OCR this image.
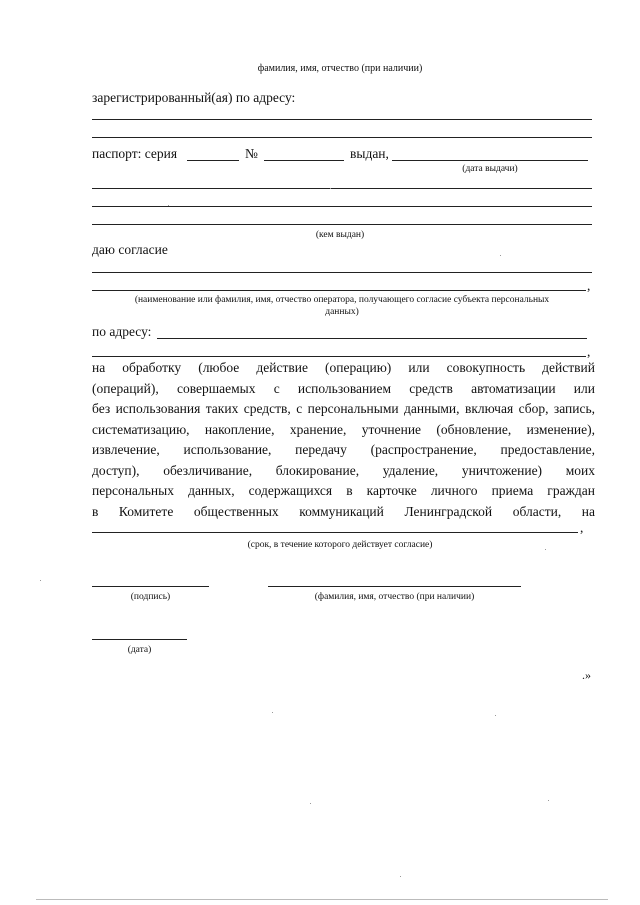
фамилия, имя, отчество (при наличии)
зарегистрированный(ая) по адресу:
паспорт: серия	№	выдан,
(дата выдачи)
(кем выдан)
даю согласие
,
(наименование или фамилия, имя, отчество оператора, получающего согласие субъекта персональных
данных)
по адресу:
,

на обработку (любое действие (операцию) или совокупность действий

(операций), совершаемых с использованием средств автоматизации или

без использования таких средств, с персональными данными, включая сбор, запись,

систематизацию, накопление, хранение, уточнение (обновление, изменение),

извлечение, использование, передачу (распространение, предоставление,

доступ), обезличивание, блокирование, удаление, уничтожение) моих

персональных данных, содержащихся в карточке личного приема граждан

в Комитете общественных коммуникаций Ленинградской области, на

,
(срок, в течение которого действует согласие)
(подпись)	(фамилия, имя, отчество (при наличии)
(дата)
.»
